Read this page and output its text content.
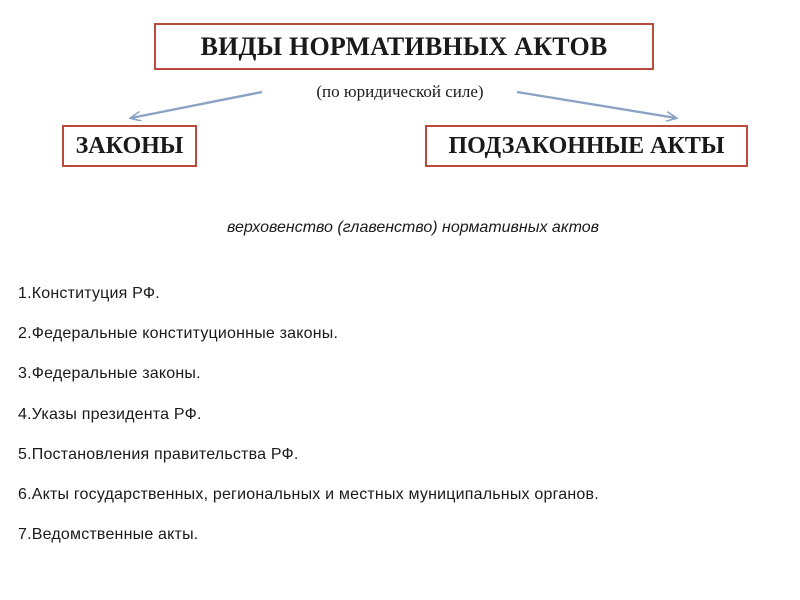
ВИДЫ НОРМАТИВНЫХ АКТОВ
(по юридической силе)
ЗАКОНЫ	ПОДЗАКОННЫЕ АКТЫ
верховенство (главенство) нормативных актов
1.Конституция РФ.
2.Федеральные конституционные законы.
3.Федеральные законы.
4.Указы президента РФ.
5.Постановления правительства РФ.
6.Акты государственных, региональных и местных муниципальных органов.
7.Ведомственные акты.
